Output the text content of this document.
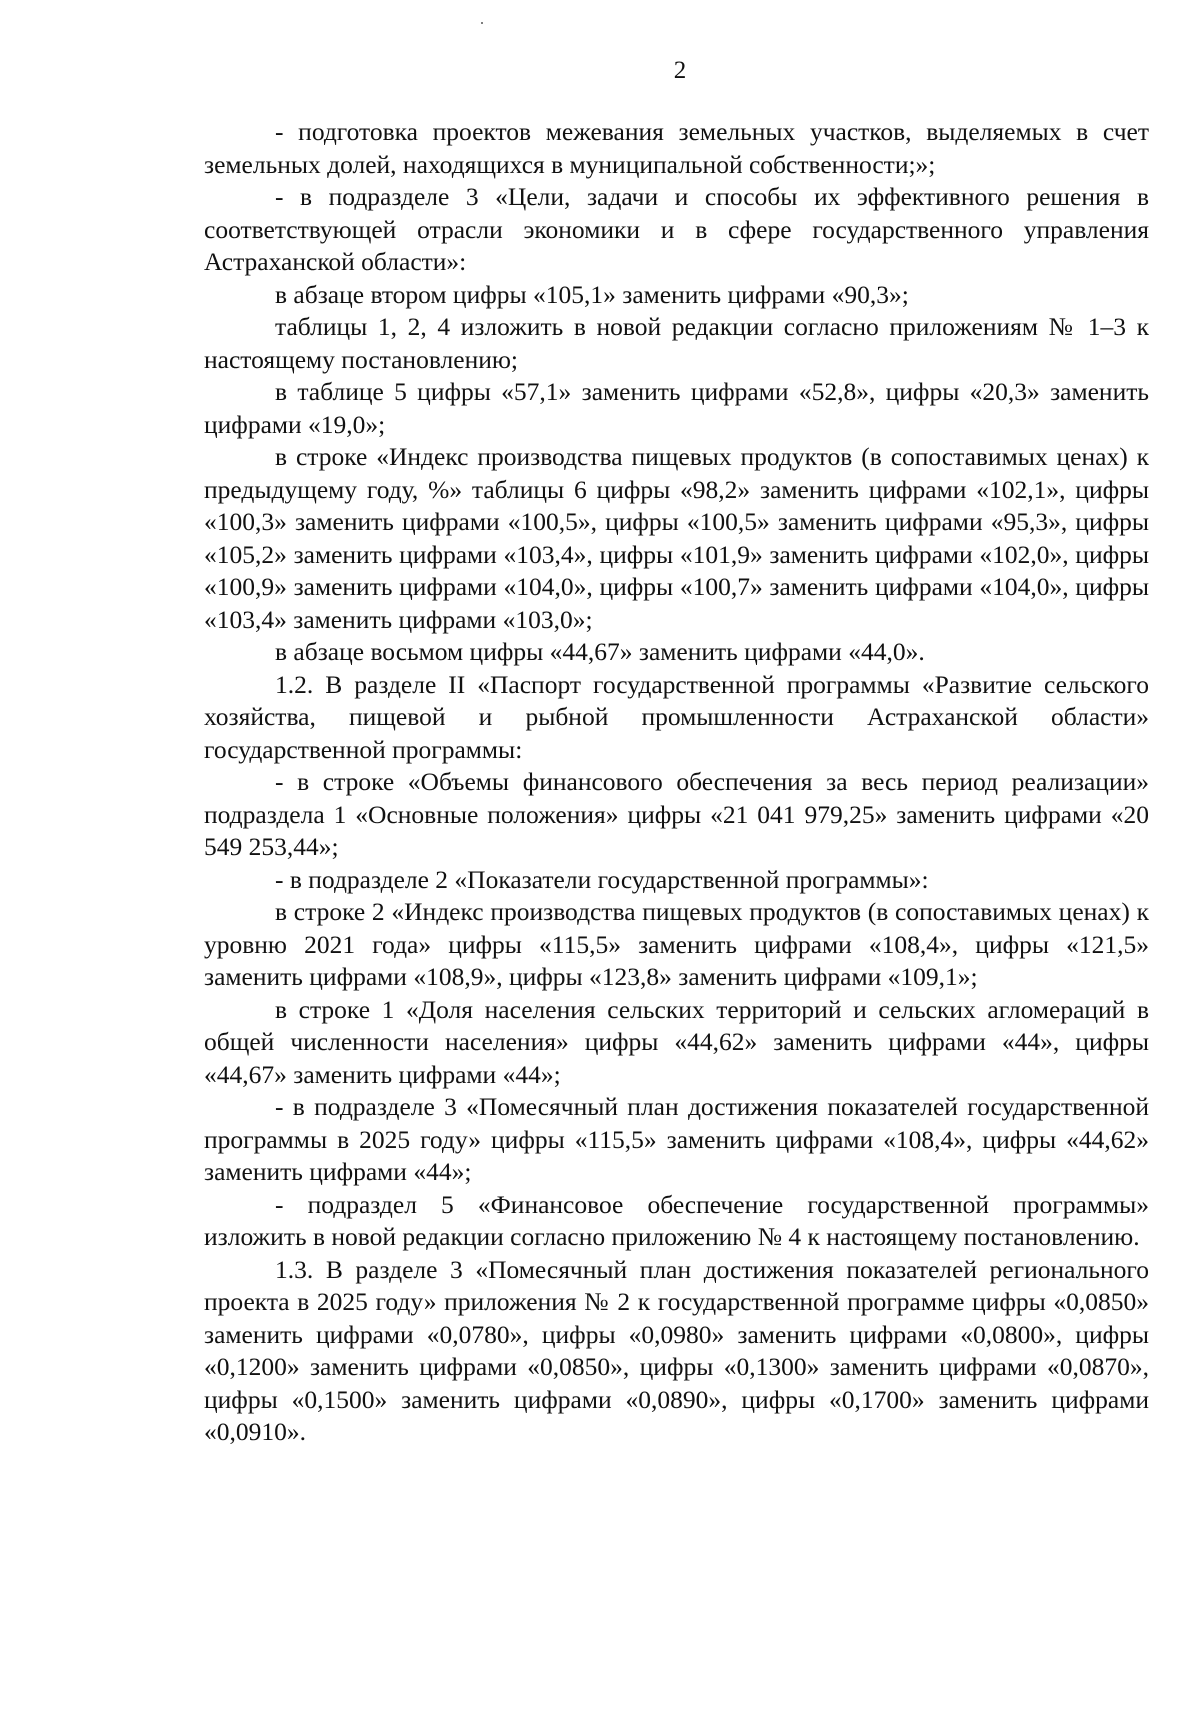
2

- подготовка проектов межевания земельных участков, выделяемых в счет земельных долей, находящихся в муниципальной собственности;»;

- в подразделе 3 «Цели, задачи и способы их эффективного решения в соответствующей отрасли экономики и в сфере государственного управления Астраханской области»:

в абзаце втором цифры «105,1» заменить цифрами «90,3»;

таблицы 1, 2, 4 изложить в новой редакции согласно приложениям № 1–3 к настоящему постановлению;

в таблице 5 цифры «57,1» заменить цифрами «52,8», цифры «20,3» заменить цифрами «19,0»;

в строке «Индекс производства пищевых продуктов (в сопоставимых ценах) к предыдущему году, %» таблицы 6 цифры «98,2» заменить цифрами «102,1», цифры «100,3» заменить цифрами «100,5», цифры «100,5» заменить цифрами «95,3», цифры «105,2» заменить цифрами «103,4», цифры «101,9» заменить цифрами «102,0», цифры «100,9» заменить цифрами «104,0», цифры «100,7» заменить цифрами «104,0», цифры «103,4» заменить цифрами «103,0»;

в абзаце восьмом цифры «44,67» заменить цифрами «44,0».

1.2. В разделе II «Паспорт государственной программы «Развитие сельского хозяйства, пищевой и рыбной промышленности Астраханской области» государственной программы:

- в строке «Объемы финансового обеспечения за весь период реализации» подраздела 1 «Основные положения» цифры «21 041 979,25» заменить цифрами «20 549 253,44»;

- в подразделе 2 «Показатели государственной программы»:

в строке 2 «Индекс производства пищевых продуктов (в сопоставимых ценах) к уровню 2021 года» цифры «115,5» заменить цифрами «108,4», цифры «121,5» заменить цифрами «108,9», цифры «123,8» заменить цифрами «109,1»;

в строке 1 «Доля населения сельских территорий и сельских агломераций в общей численности населения» цифры «44,62» заменить цифрами «44», цифры «44,67» заменить цифрами «44»;

- в подразделе 3 «Помесячный план достижения показателей государственной программы в 2025 году» цифры «115,5» заменить цифрами «108,4», цифры «44,62» заменить цифрами «44»;

- подраздел 5 «Финансовое обеспечение государственной программы» изложить в новой редакции согласно приложению № 4 к настоящему постановлению.

1.3. В разделе 3 «Помесячный план достижения показателей регионального проекта в 2025 году» приложения № 2 к государственной программе цифры «0,0850» заменить цифрами «0,0780», цифры «0,0980» заменить цифрами «0,0800», цифры «0,1200» заменить цифрами «0,0850», цифры «0,1300» заменить цифрами «0,0870», цифры «0,1500» заменить цифрами «0,0890», цифры «0,1700» заменить цифрами «0,0910».
